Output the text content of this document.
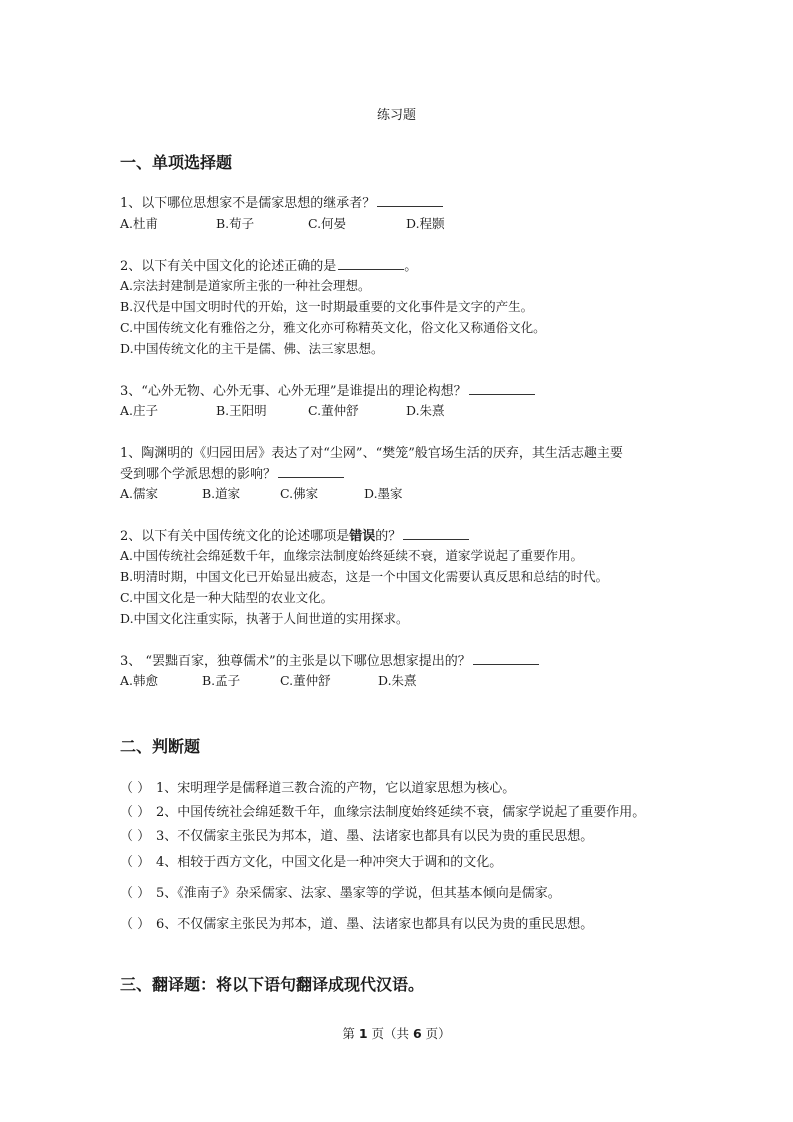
练习题
一、单项选择题
1、以下哪位思想家不是儒家思想的继承者？
A.杜甫	B.荀子	C.何晏	D.程颢
2、以下有关中国文化的论述正确的是	。
A.宗法封建制是道家所主张的一种社会理想。
B.汉代是中国文明时代的开始，这一时期最重要的文化事件是文字的产生。
C.中国传统文化有雅俗之分，雅文化亦可称精英文化，俗文化又称通俗文化。
D.中国传统文化的主干是儒、佛、法三家思想。
3、“心外无物、心外无事、心外无理”是谁提出的理论构想？
A.庄子	B.王阳明	C.董仲舒	D.朱熹
1、陶渊明的《归园田居》表达了对“尘网”、“樊笼”般官场生活的厌弃，其生活志趣主要
受到哪个学派思想的影响？
A.儒家	B.道家	C.佛家	D.墨家
2、以下有关中国传统文化的论述哪项是错误的？
A.中国传统社会绵延数千年，血缘宗法制度始终延续不衰，道家学说起了重要作用。
B.明清时期，中国文化已开始显出疲态，这是一个中国文化需要认真反思和总结的时代。
C.中国文化是一种大陆型的农业文化。
D.中国文化注重实际，执著于人间世道的实用探求。
3、 “罢黜百家，独尊儒术”的主张是以下哪位思想家提出的？
A.韩愈	B.孟子	C.董仲舒	D.朱熹
二、判断题
（ ） 1、宋明理学是儒释道三教合流的产物，它以道家思想为核心。
（ ） 2、中国传统社会绵延数千年，血缘宗法制度始终延续不衰，儒家学说起了重要作用。
（ ） 3、不仅儒家主张民为邦本，道、墨、法诸家也都具有以民为贵的重民思想。
（ ） 4、相较于西方文化，中国文化是一种冲突大于调和的文化。
（ ） 5、《淮南子》杂采儒家、法家、墨家等的学说，但其基本倾向是儒家。
（ ） 6、不仅儒家主张民为邦本，道、墨、法诸家也都具有以民为贵的重民思想。
三、翻译题：将以下语句翻译成现代汉语。
第 1 页（共 6 页）
